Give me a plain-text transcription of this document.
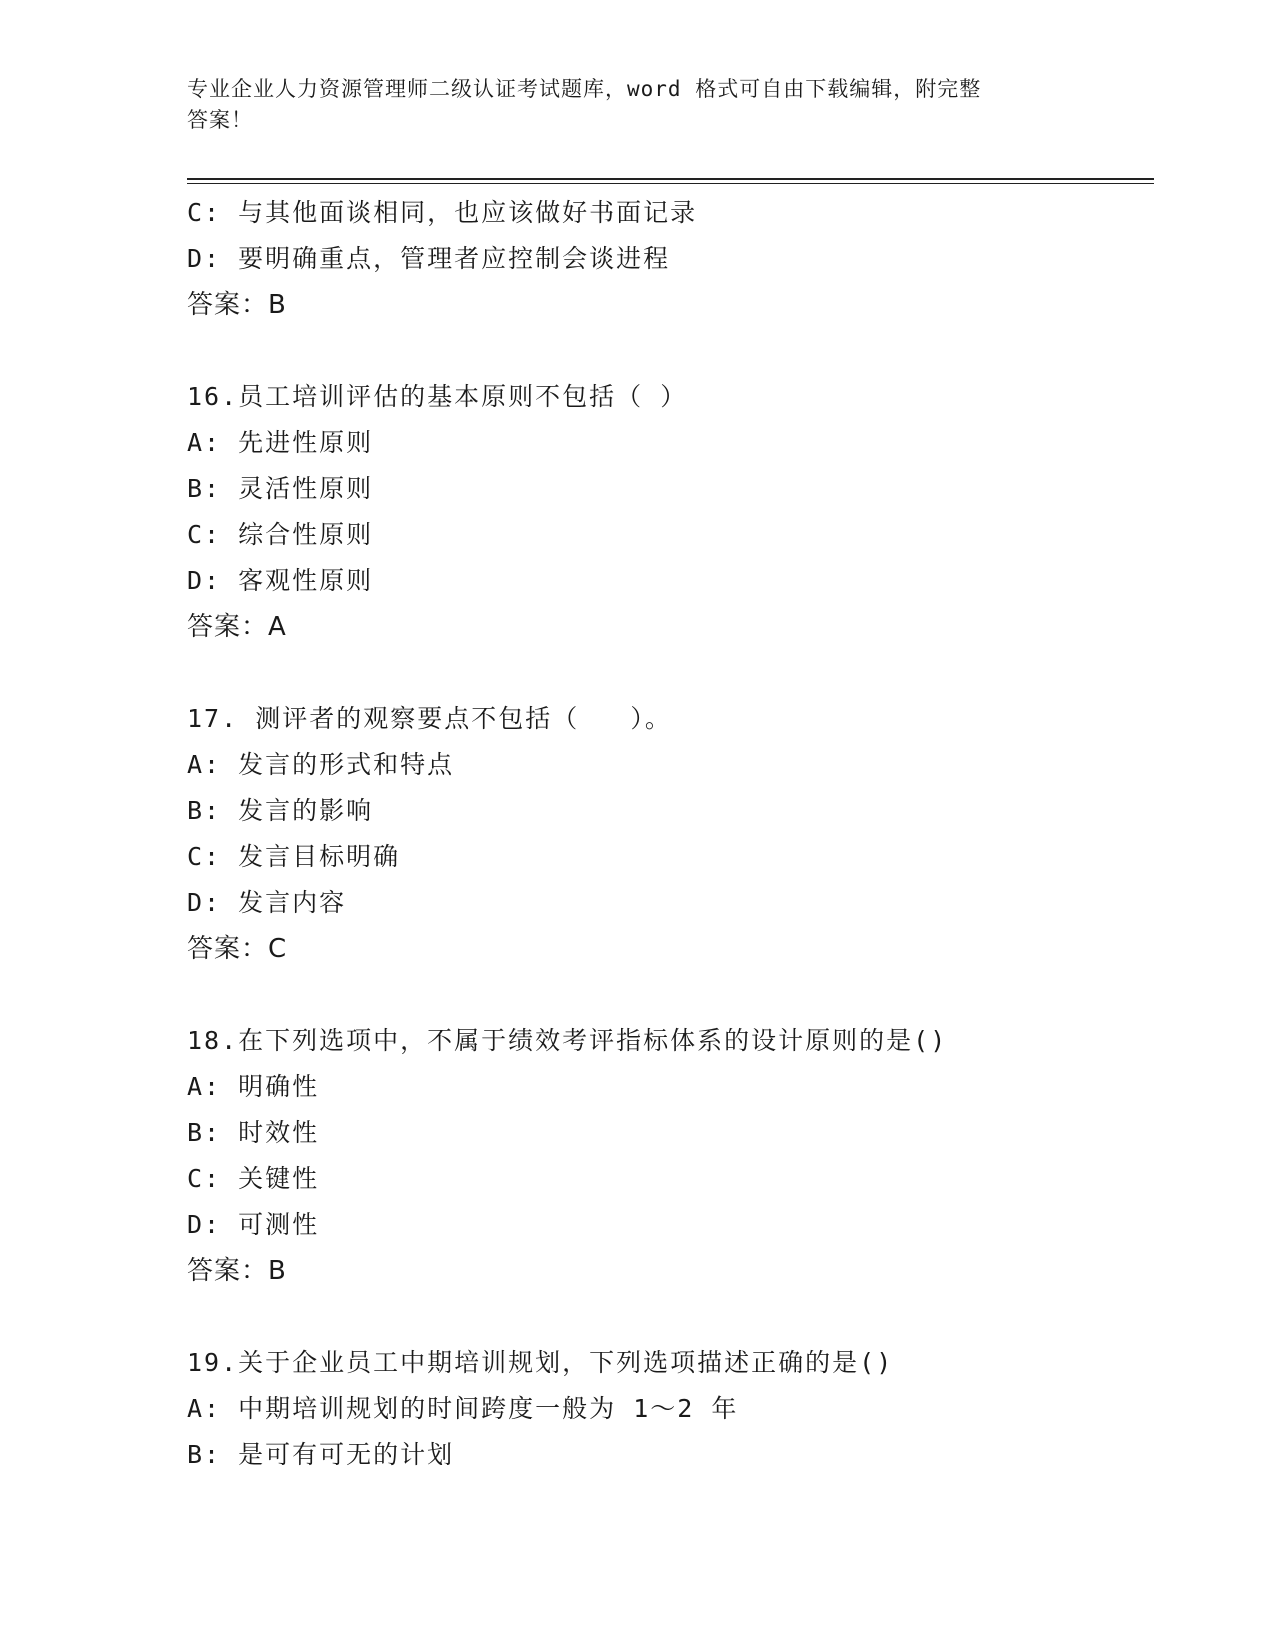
专业企业人力资源管理师二级认证考试题库，word 格式可自由下载编辑，附完整
答案！
C: 与其他面谈相同，也应该做好书面记录
D: 要明确重点，管理者应控制会谈进程
答案：B
16.员工培训评估的基本原则不包括（ ）
A: 先进性原则
B: 灵活性原则
C: 综合性原则
D: 客观性原则
答案：A
17. 测评者的观察要点不包括（   ）。
A: 发言的形式和特点
B: 发言的影响
C: 发言目标明确
D: 发言内容
答案：C
18.在下列选项中，不属于绩效考评指标体系的设计原则的是()
A: 明确性
B: 时效性
C: 关键性
D: 可测性
答案：B
19.关于企业员工中期培训规划，下列选项描述正确的是()
A: 中期培训规划的时间跨度一般为 1～2 年
B: 是可有可无的计划
